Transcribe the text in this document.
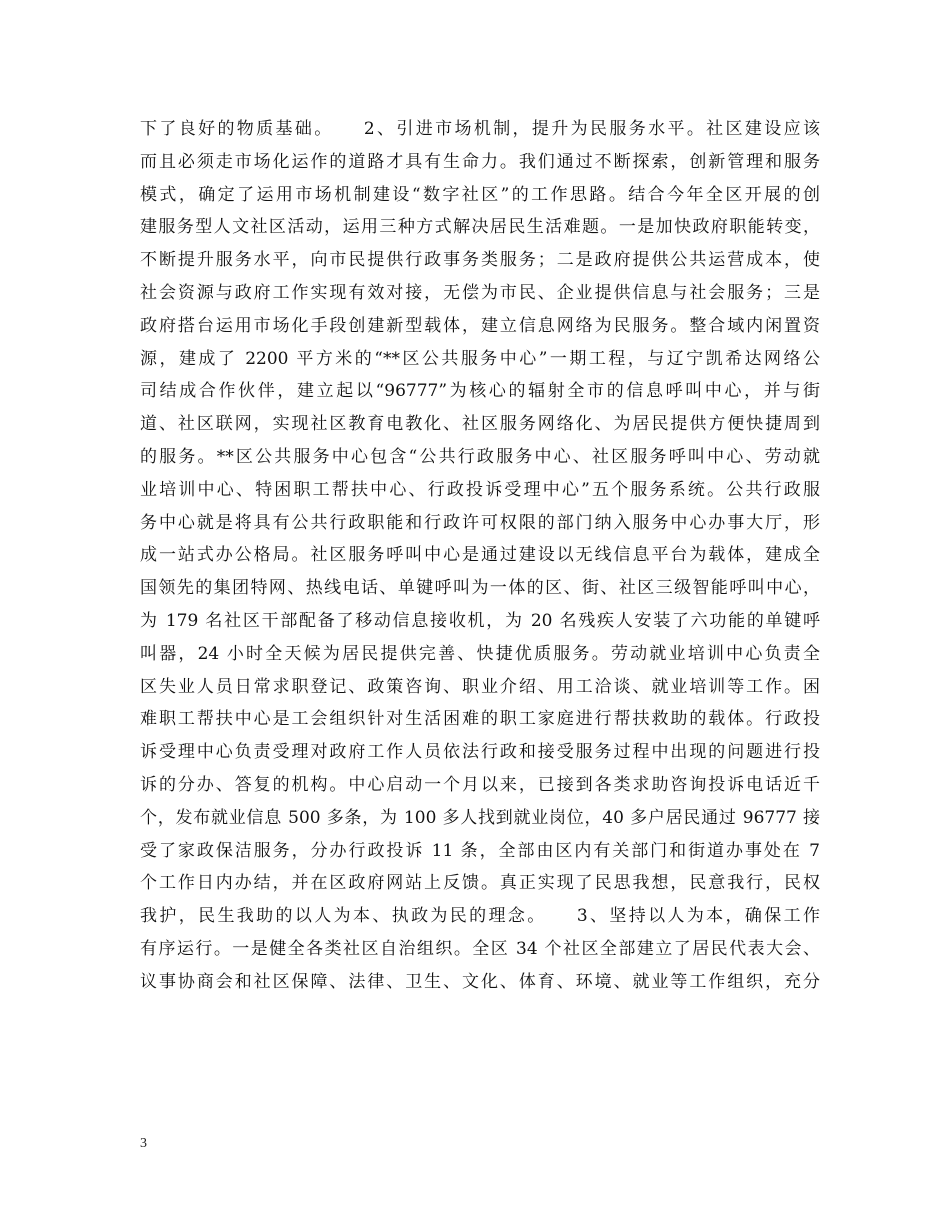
下了良好的物质基础。　　2、引进市场机制，提升为民服务水平。社区建设应该
而且必须走市场化运作的道路才具有生命力。我们通过不断探索，创新管理和服务
模式，确定了运用市场机制建设“数字社区”的工作思路。结合今年全区开展的创
建服务型人文社区活动，运用三种方式解决居民生活难题。一是加快政府职能转变，
不断提升服务水平，向市民提供行政事务类服务；二是政府提供公共运营成本，使
社会资源与政府工作实现有效对接，无偿为市民、企业提供信息与社会服务；三是
政府搭台运用市场化手段创建新型载体，建立信息网络为民服务。整合域内闲置资
源，建成了 2200 平方米的“**区公共服务中心”一期工程，与辽宁凯希达网络公
司结成合作伙伴，建立起以“96777”为核心的辐射全市的信息呼叫中心，并与街
道、社区联网，实现社区教育电教化、社区服务网络化、为居民提供方便快捷周到
的服务。**区公共服务中心包含“公共行政服务中心、社区服务呼叫中心、劳动就
业培训中心、特困职工帮扶中心、行政投诉受理中心”五个服务系统。公共行政服
务中心就是将具有公共行政职能和行政许可权限的部门纳入服务中心办事大厅，形
成一站式办公格局。社区服务呼叫中心是通过建设以无线信息平台为载体，建成全
国领先的集团特网、热线电话、单键呼叫为一体的区、街、社区三级智能呼叫中心，
为 179 名社区干部配备了移动信息接收机，为 20 名残疾人安装了六功能的单键呼
叫器，24 小时全天候为居民提供完善、快捷优质服务。劳动就业培训中心负责全
区失业人员日常求职登记、政策咨询、职业介绍、用工洽谈、就业培训等工作。困
难职工帮扶中心是工会组织针对生活困难的职工家庭进行帮扶救助的载体。行政投
诉受理中心负责受理对政府工作人员依法行政和接受服务过程中出现的问题进行投
诉的分办、答复的机构。中心启动一个月以来，已接到各类求助咨询投诉电话近千
个，发布就业信息 500 多条，为 100 多人找到就业岗位，40 多户居民通过 96777 接
受了家政保洁服务，分办行政投诉 11 条，全部由区内有关部门和街道办事处在 7
个工作日内办结，并在区政府网站上反馈。真正实现了民思我想，民意我行，民权
我护，民生我助的以人为本、执政为民的理念。　　3、坚持以人为本，确保工作
有序运行。一是健全各类社区自治组织。全区 34 个社区全部建立了居民代表大会、
议事协商会和社区保障、法律、卫生、文化、体育、环境、就业等工作组织，充分
3
